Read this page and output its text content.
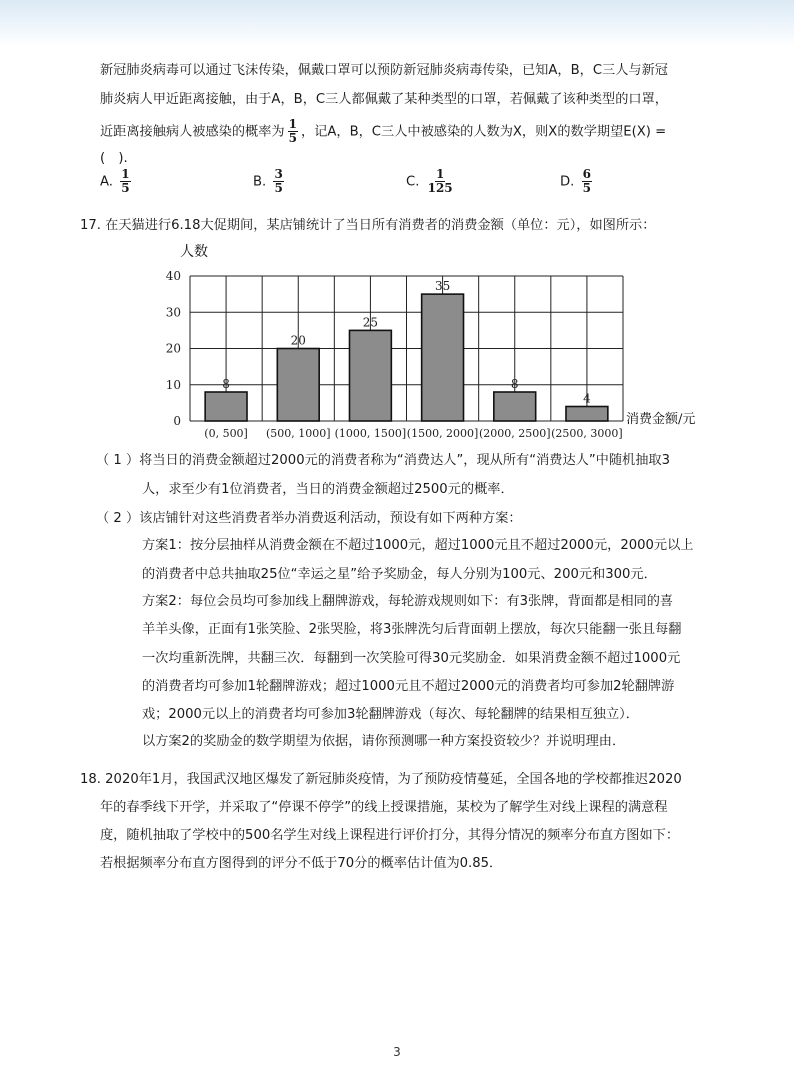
新冠肺炎病毒可以通过飞沫传染，佩戴口罩可以预防新冠肺炎病毒传染，已知A，B，C三人与新冠
肺炎病人甲近距离接触，由于A，B，C三人都佩戴了某种类型的口罩，若佩戴了该种类型的口罩，
近距离接触病人被感染的概率为 $\frac{1}{5}$ ，记A，B，C三人中被感染的人数为X，则X的数学期望E(X) =
(　).
A. $\frac{1}{5}$	B. $\frac{3}{5}$	C. $\frac{1}{125}$	D. $\frac{6}{5}$
17. 在天猫进行6.18大促期间，某店铺统计了当日所有消费者的消费金额（单位：元），如图所示：
0
10
20
30
40
8
(0, 500]
20
(500, 1000]
25
(1000, 1500]
35
(1500, 2000]
8
(2000, 2500]
4
(2500, 3000]
人数
消费金额/元
（ 1 ）将当日的消费金额超过2000元的消费者称为“消费达人”，现从所有“消费达人”中随机抽取3
人，求至少有1位消费者，当日的消费金额超过2500元的概率．
（ 2 ）该店铺针对这些消费者举办消费返利活动，预设有如下两种方案：
方案1：按分层抽样从消费金额在不超过1000元，超过1000元且不超过2000元，2000元以上
的消费者中总共抽取25位“幸运之星”给予奖励金，每人分别为100元、200元和300元．
方案2：每位会员均可参加线上翻牌游戏，每轮游戏规则如下：有3张牌，背面都是相同的喜
羊羊头像，正面有1张笑脸、2张哭脸，将3张牌洗匀后背面朝上摆放，每次只能翻一张且每翻
一次均重新洗牌，共翻三次．每翻到一次笑脸可得30元奖励金．如果消费金额不超过1000元
的消费者均可参加1轮翻牌游戏；超过1000元且不超过2000元的消费者均可参加2轮翻牌游
戏；2000元以上的消费者均可参加3轮翻牌游戏（每次、每轮翻牌的结果相互独立）．
以方案2的奖励金的数学期望为依据，请你预测哪一种方案投资较少？并说明理由．
18. 2020年1月，我国武汉地区爆发了新冠肺炎疫情，为了预防疫情蔓延，全国各地的学校都推迟2020
年的春季线下开学，并采取了“停课不停学”的线上授课措施，某校为了解学生对线上课程的满意程
度，随机抽取了学校中的500名学生对线上课程进行评价打分，其得分情况的频率分布直方图如下：
若根据频率分布直方图得到的评分不低于70分的概率估计值为0.85．
3
